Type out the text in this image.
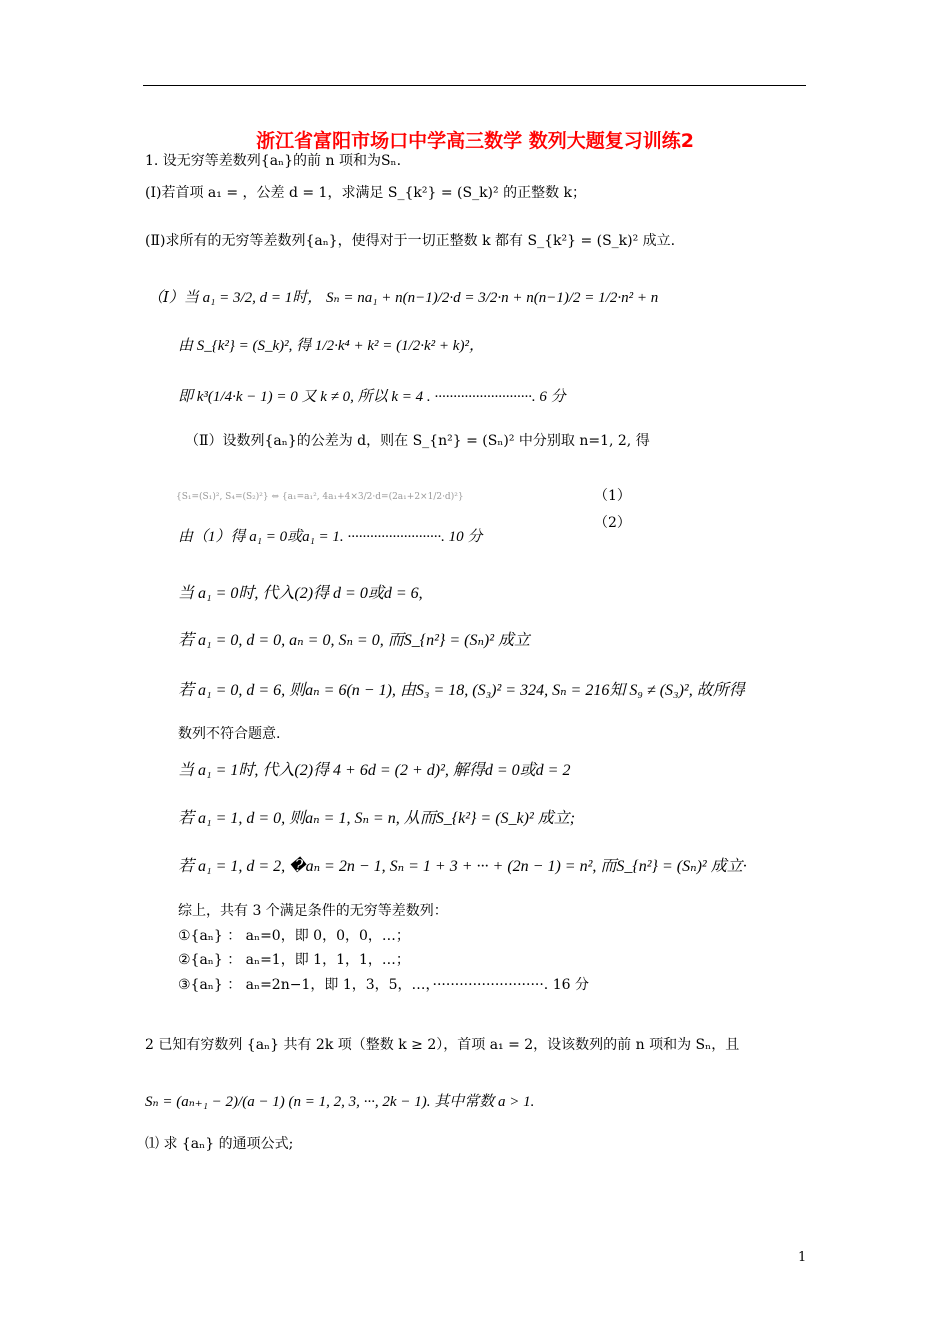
浙江省富阳市场口中学高三数学 数列大题复习训练2
1. 设无穷等差数列{aₙ}的前 n 项和为Sₙ.
(Ⅰ)若首项 a₁ = ，公差 d = 1，求满足 S_{k²} = (S_k)² 的正整数 k；
(Ⅱ)求所有的无穷等差数列{aₙ}，使得对于一切正整数 k 都有 S_{k²} = (S_k)² 成立.
（Ⅰ）当 a₁ = 3/2, d = 1时， Sₙ = na₁ + n(n−1)/2·d = 3/2·n + n(n−1)/2 = 1/2·n² + n
由 S_{k²} = (S_k)², 得 1/2·k⁴ + k² = (1/2·k² + k)²，
即 k³(1/4·k − 1) = 0 又 k ≠ 0, 所以 k = 4 . ··························. 6 分
（Ⅱ）设数列{aₙ}的公差为 d，则在 S_{n²} = (Sₙ)² 中分别取 n=1, 2, 得
{S₁=(S₁)², S₄=(S₂)²} ⇔ {a₁=a₁², 4a₁+4×3/2·d=(2a₁+2×1/2·d)²}	（1）
（2）
由（1）得 a₁ = 0或a₁ = 1. ·························. 10 分
当 a₁ = 0时, 代入(2)得 d = 0或d = 6,
若 a₁ = 0, d = 0, aₙ = 0, Sₙ = 0, 而S_{n²} = (Sₙ)² 成立
若 a₁ = 0, d = 6, 则aₙ = 6(n − 1), 由S₃ = 18, (S₃)² = 324, Sₙ = 216知 S₉ ≠ (S₃)², 故所得
数列不符合题意.
当 a₁ = 1时, 代入(2)得 4 + 6d = (2 + d)², 解得d = 0或d = 2
若 a₁ = 1, d = 0, 则aₙ = 1, Sₙ = n, 从而S_{k²} = (S_k)² 成立;
若 a₁ = 1, d = 2, �aₙ = 2n − 1, Sₙ = 1 + 3 + ··· + (2n − 1) = n², 而S_{n²} = (Sₙ)² 成立·
综上，共有 3 个满足条件的无穷等差数列：
①{aₙ} ： aₙ=0，即 0，0，0，…；
②{aₙ} ： aₙ=1，即 1，1，1，…；
③{aₙ} ： aₙ=2n−1，即 1，3，5，…，·························. 16 分
2 已知有穷数列 {aₙ} 共有 2k 项（整数 k ≥ 2），首项 a₁ = 2，设该数列的前 n 项和为 Sₙ，且
Sₙ = (aₙ₊₁ − 2)/(a − 1) (n = 1, 2, 3, ···, 2k − 1). 其中常数 a > 1.
⑴ 求 {aₙ} 的通项公式;
1
